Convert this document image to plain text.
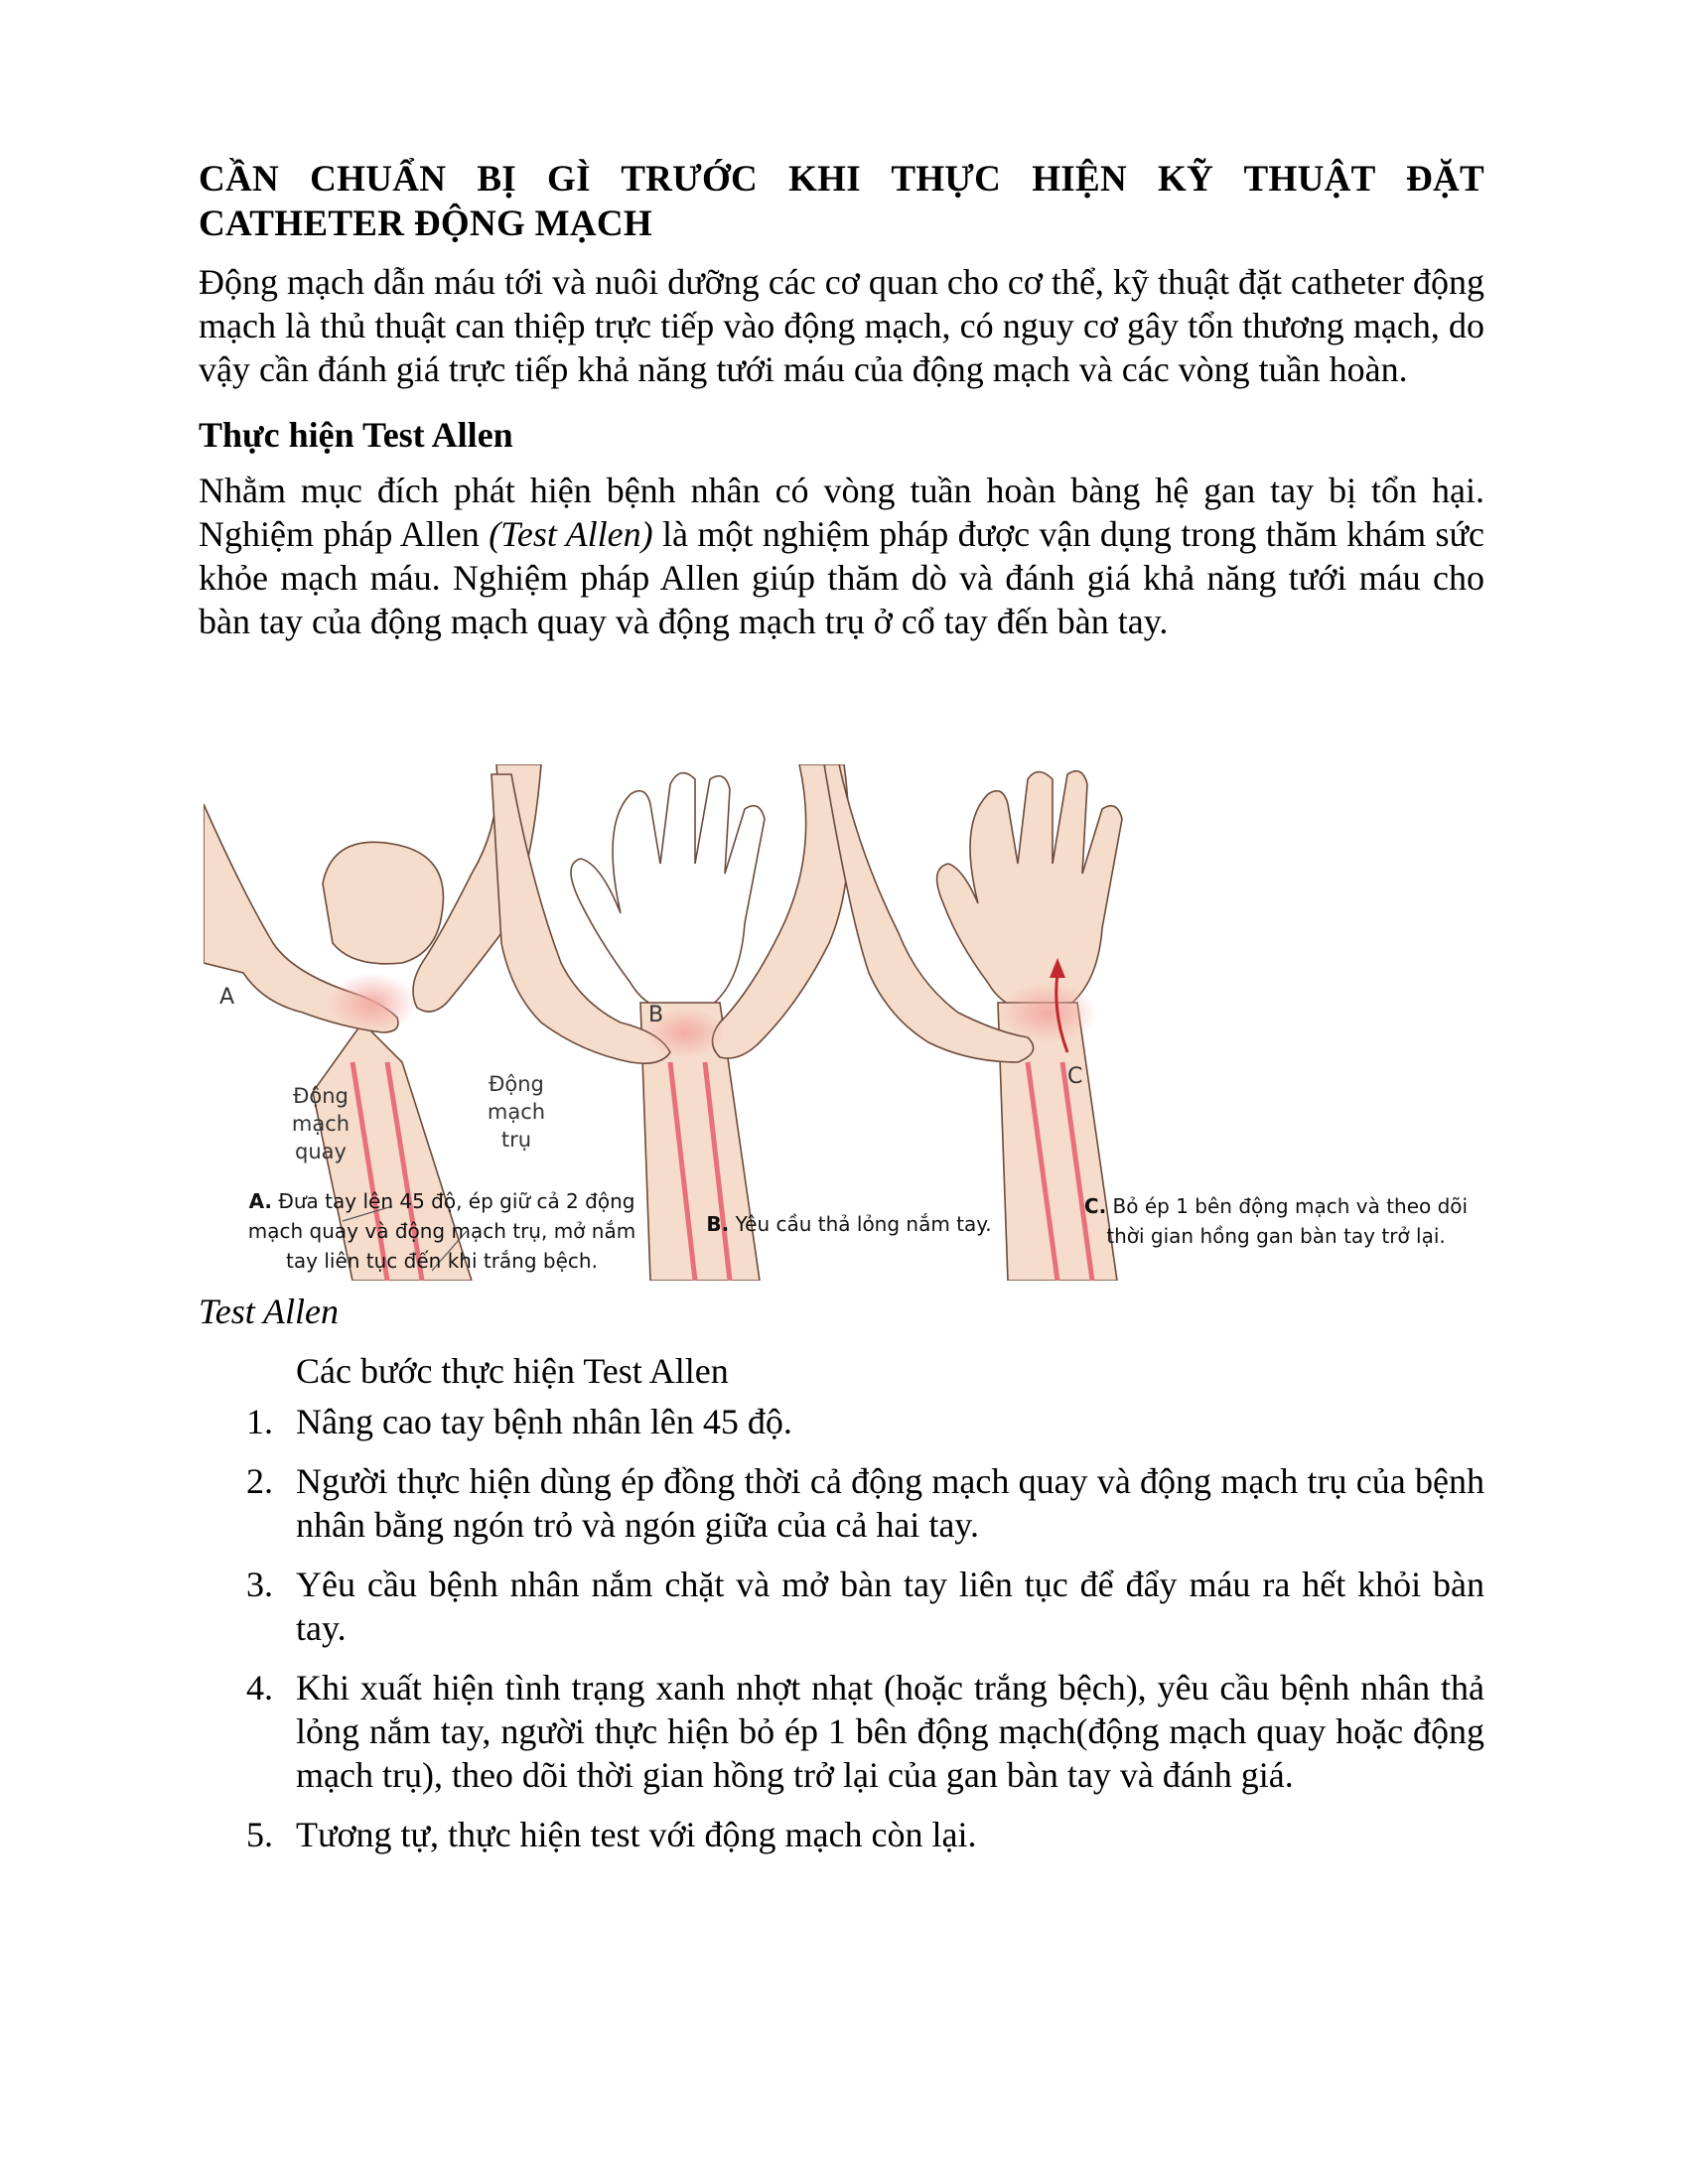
CẦN CHUẨN BỊ GÌ TRƯỚC KHI THỰC HIỆN KỸ THUẬT ĐẶT CATHETER ĐỘNG MẠCH

Động mạch dẫn máu tới và nuôi dưỡng các cơ quan cho cơ thể, kỹ thuật đặt catheter động mạch là thủ thuật can thiệp trực tiếp vào động mạch, có nguy cơ gây tổn thương mạch, do vậy cần đánh giá trực tiếp khả năng tưới máu của động mạch và các vòng tuần hoàn.

Thực hiện Test Allen

Nhằm mục đích phát hiện bệnh nhân có vòng tuần hoàn bàng hệ gan tay bị tổn hại. Nghiệm pháp Allen (Test Allen) là một nghiệm pháp được vận dụng trong thăm khám sức khỏe mạch máu. Nghiệm pháp Allen giúp thăm dò và đánh giá khả năng tưới máu cho bàn tay của động mạch quay và động mạch trụ ở cổ tay đến bàn tay.

A
B
C
Động mạch quay
Động mạch trụ
A. Đưa tay lên 45 độ, ép giữ cả 2 động mạch quay và động mạch trụ, mở nắm tay liên tục đến khi trắng bệch.
B. Yêu cầu thả lỏng nắm tay.
C. Bỏ ép 1 bên động mạch và theo dõi thời gian hồng gan bàn tay trở lại.
Test Allen
Các bước thực hiện Test Allen
1. Nâng cao tay bệnh nhân lên 45 độ.
2. Người thực hiện dùng ép đồng thời cả động mạch quay và động mạch trụ của bệnh nhân bằng ngón trỏ và ngón giữa của cả hai tay.
3. Yêu cầu bệnh nhân nắm chặt và mở bàn tay liên tục để đẩy máu ra hết khỏi bàn tay.
4. Khi xuất hiện tình trạng xanh nhợt nhạt (hoặc trắng bệch), yêu cầu bệnh nhân thả lỏng nắm tay, người thực hiện bỏ ép 1 bên động mạch(động mạch quay hoặc động mạch trụ), theo dõi thời gian hồng trở lại của gan bàn tay và đánh giá.
5. Tương tự, thực hiện test với động mạch còn lại.
